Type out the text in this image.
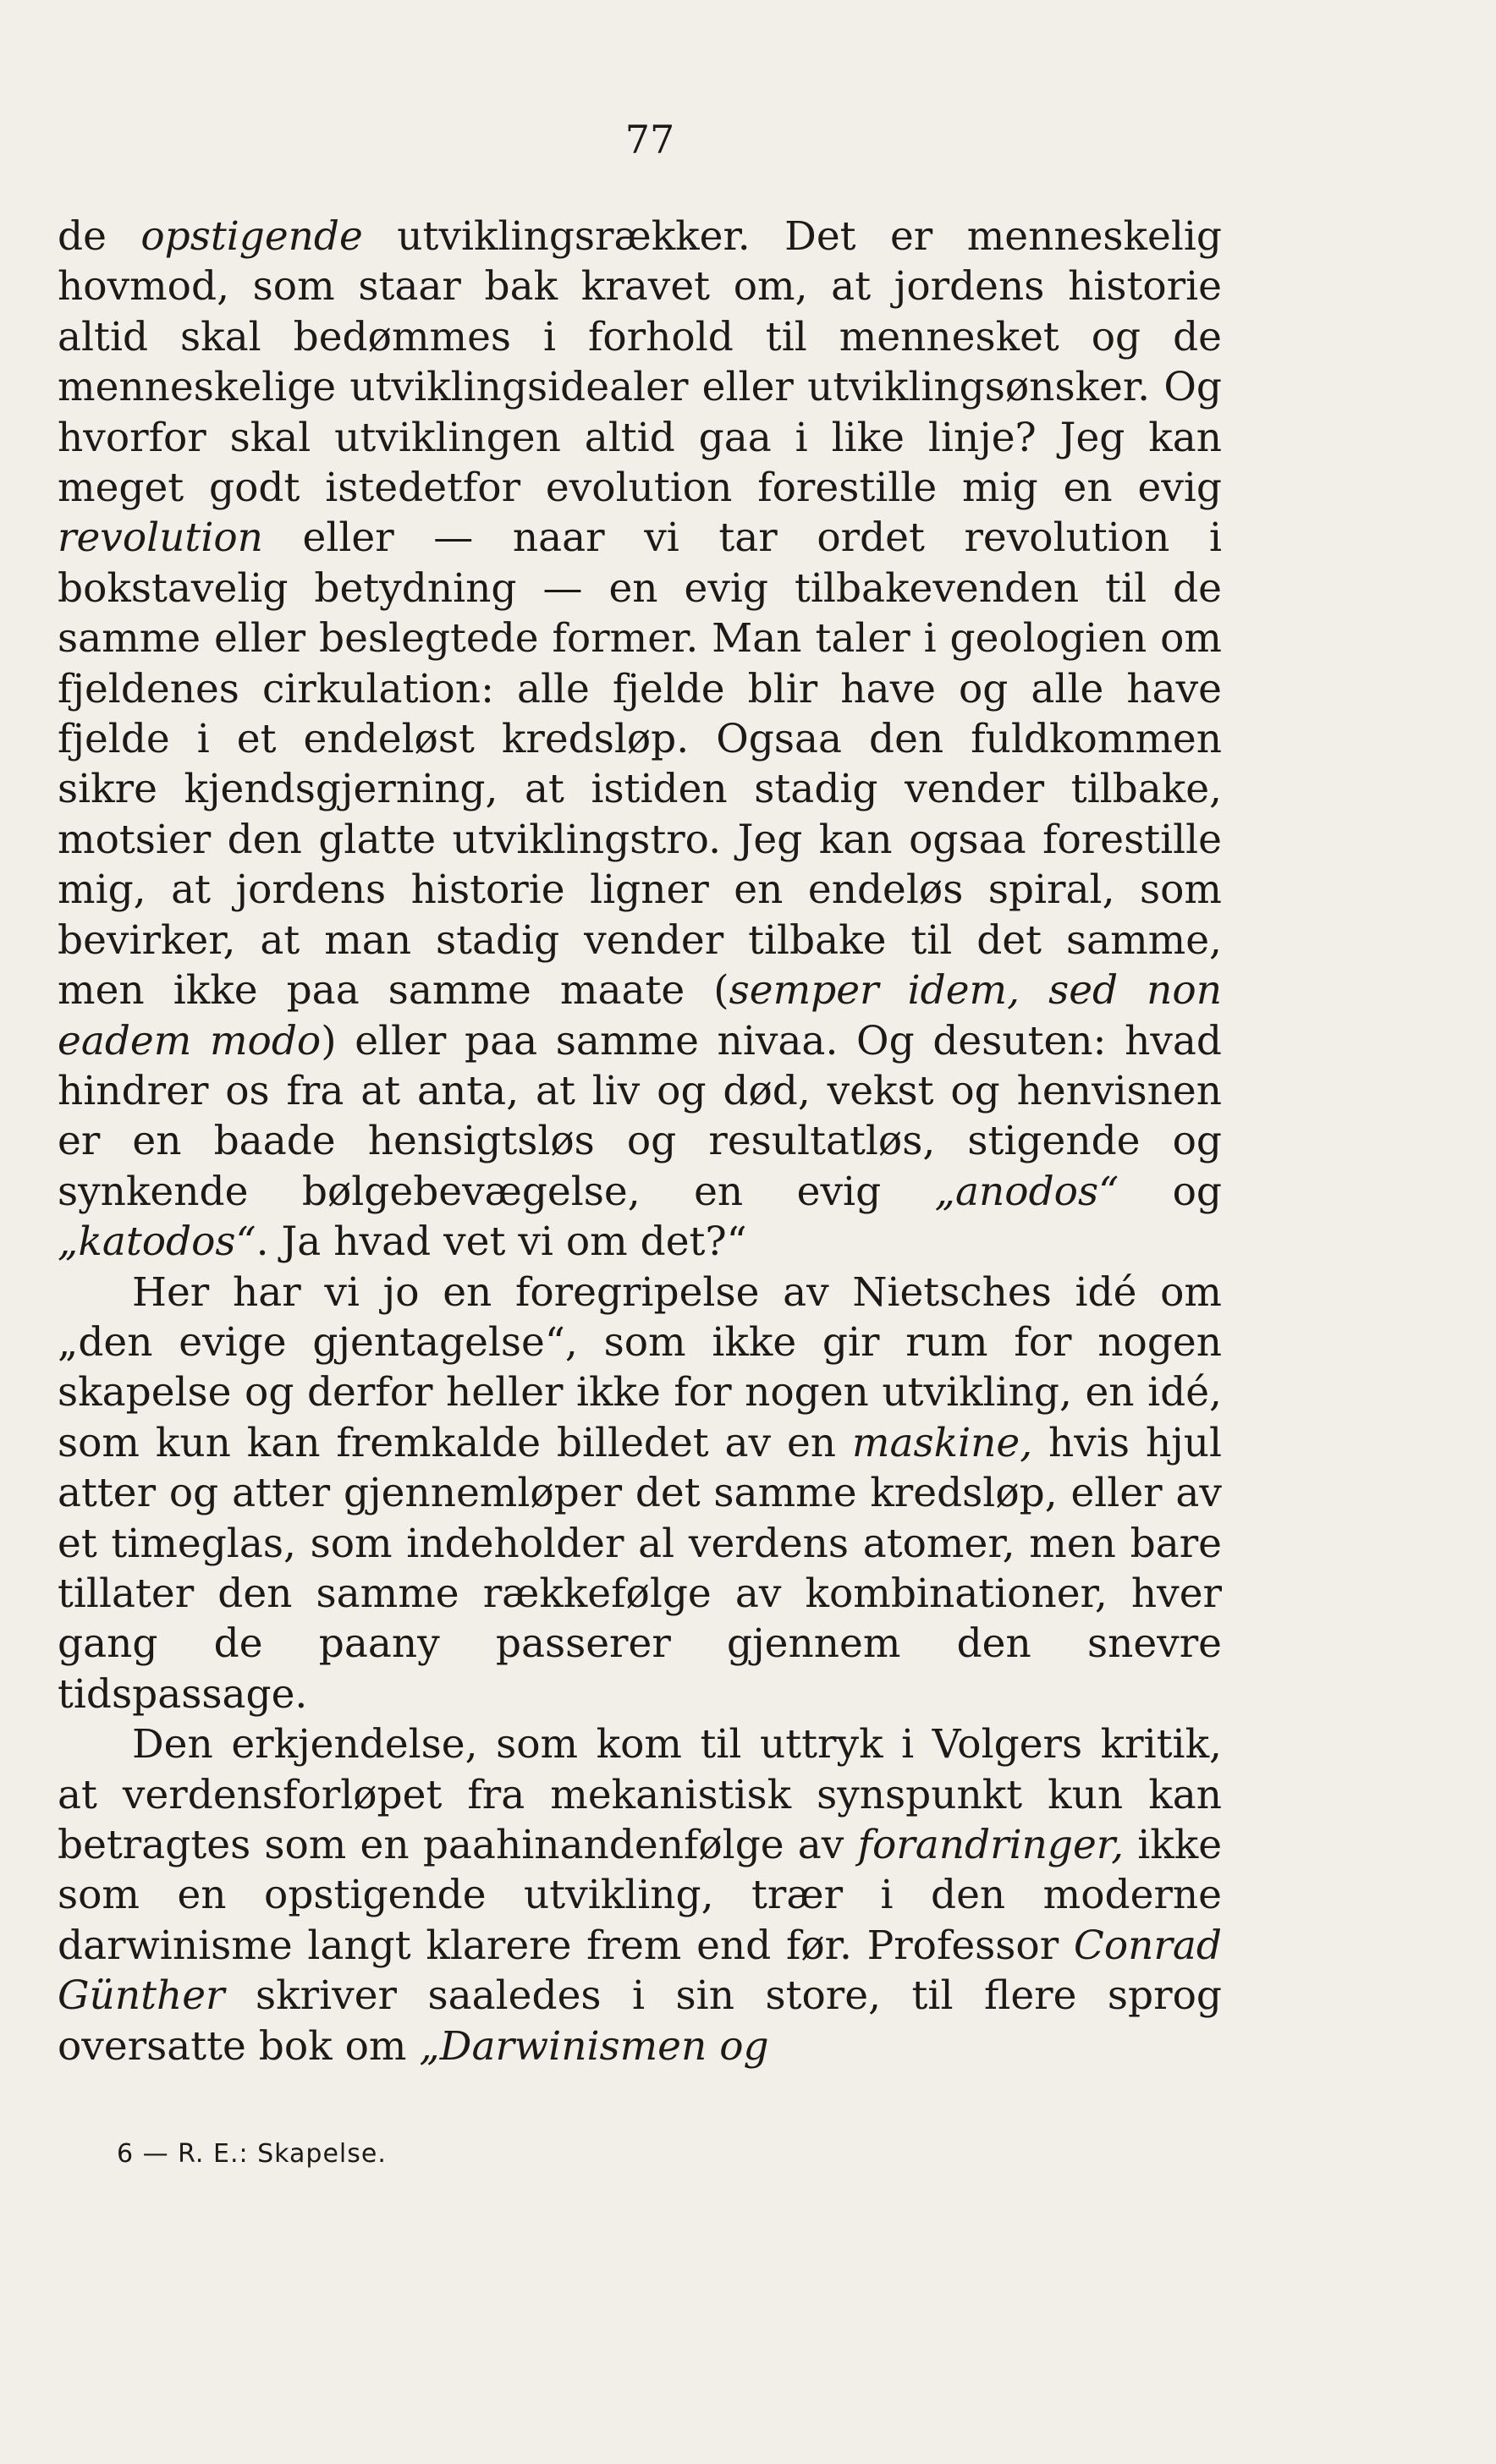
77

de opstigende utviklingsrækker. Det er menneskelig hovmod, som staar bak kravet om, at jordens historie altid skal bedømmes i forhold til mennesket og de menneskelige utviklingsidealer eller utviklingsønsker. Og hvorfor skal utviklingen altid gaa i like linje? Jeg kan meget godt istedetfor evolution forestille mig en evig revolution eller — naar vi tar ordet revolution i bokstavelig betydning — en evig tilbakevenden til de samme eller beslegtede former. Man taler i geologien om fjeldenes cirkulation: alle fjelde blir have og alle have fjelde i et endeløst kredsløp. Ogsaa den fuldkommen sikre kjendsgjerning, at istiden stadig vender tilbake, motsier den glatte utviklingstro. Jeg kan ogsaa forestille mig, at jordens historie ligner en endeløs spiral, som bevirker, at man stadig vender tilbake til det samme, men ikke paa samme maate (semper idem, sed non eadem modo) eller paa samme nivaa. Og desuten: hvad hindrer os fra at anta, at liv og død, vekst og henvisnen er en baade hensigtsløs og resultatløs, stigende og synkende bølgebevægelse, en evig „anodos“ og „katodos“. Ja hvad vet vi om det?“

Her har vi jo en foregripelse av Nietsches idé om „den evige gjentagelse“, som ikke gir rum for nogen skapelse og derfor heller ikke for nogen utvikling, en idé, som kun kan fremkalde billedet av en maskine, hvis hjul atter og atter gjennemløper det samme kredsløp, eller av et timeglas, som indeholder al verdens atomer, men bare tillater den samme rækkefølge av kombinationer, hver gang de paany passerer gjennem den snevre tidspassage.

Den erkjendelse, som kom til uttryk i Volgers kritik, at verdensforløpet fra mekanistisk synspunkt kun kan betragtes som en paahinandenfølge av forandringer, ikke som en opstigende utvikling, trær i den moderne darwinisme langt klarere frem end før. Professor Conrad Günther skriver saaledes i sin store, til flere sprog oversatte bok om „Darwinismen og

6 — R. E.: Skapelse.
